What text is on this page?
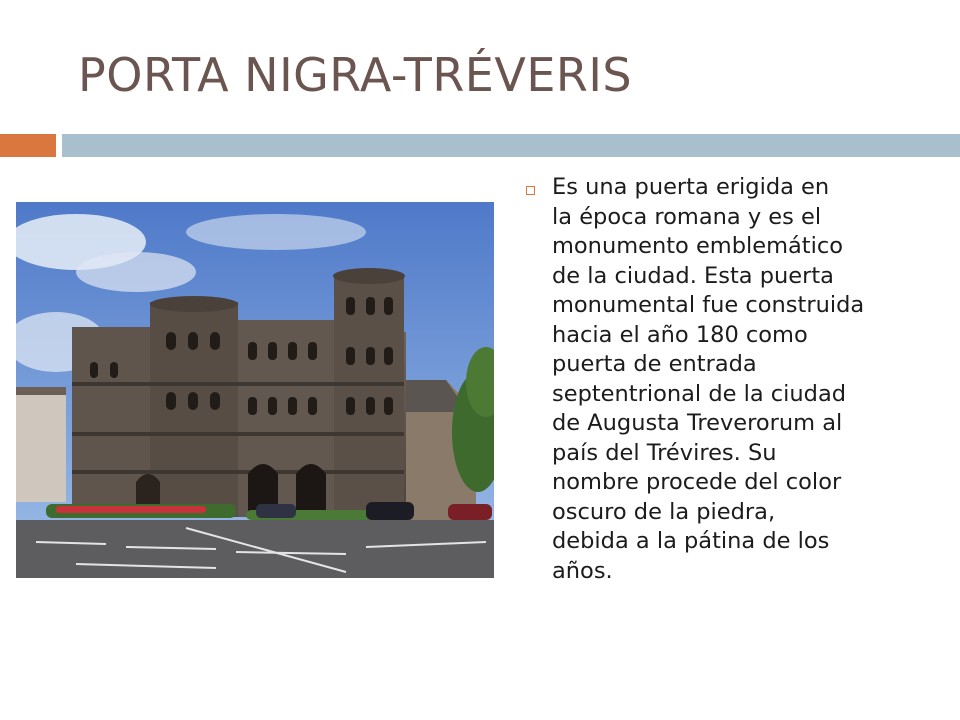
PORTA NIGRA-TRÉVERIS
Es una puerta erigida en
la época romana y es el
monumento emblemático
de la ciudad. Esta puerta
monumental fue construida
hacia el año 180 como
puerta de entrada
septentrional de la ciudad
de Augusta Treverorum al
país del Trévires. Su
nombre procede del color
oscuro de la piedra,
debida a la pátina de los
años.
